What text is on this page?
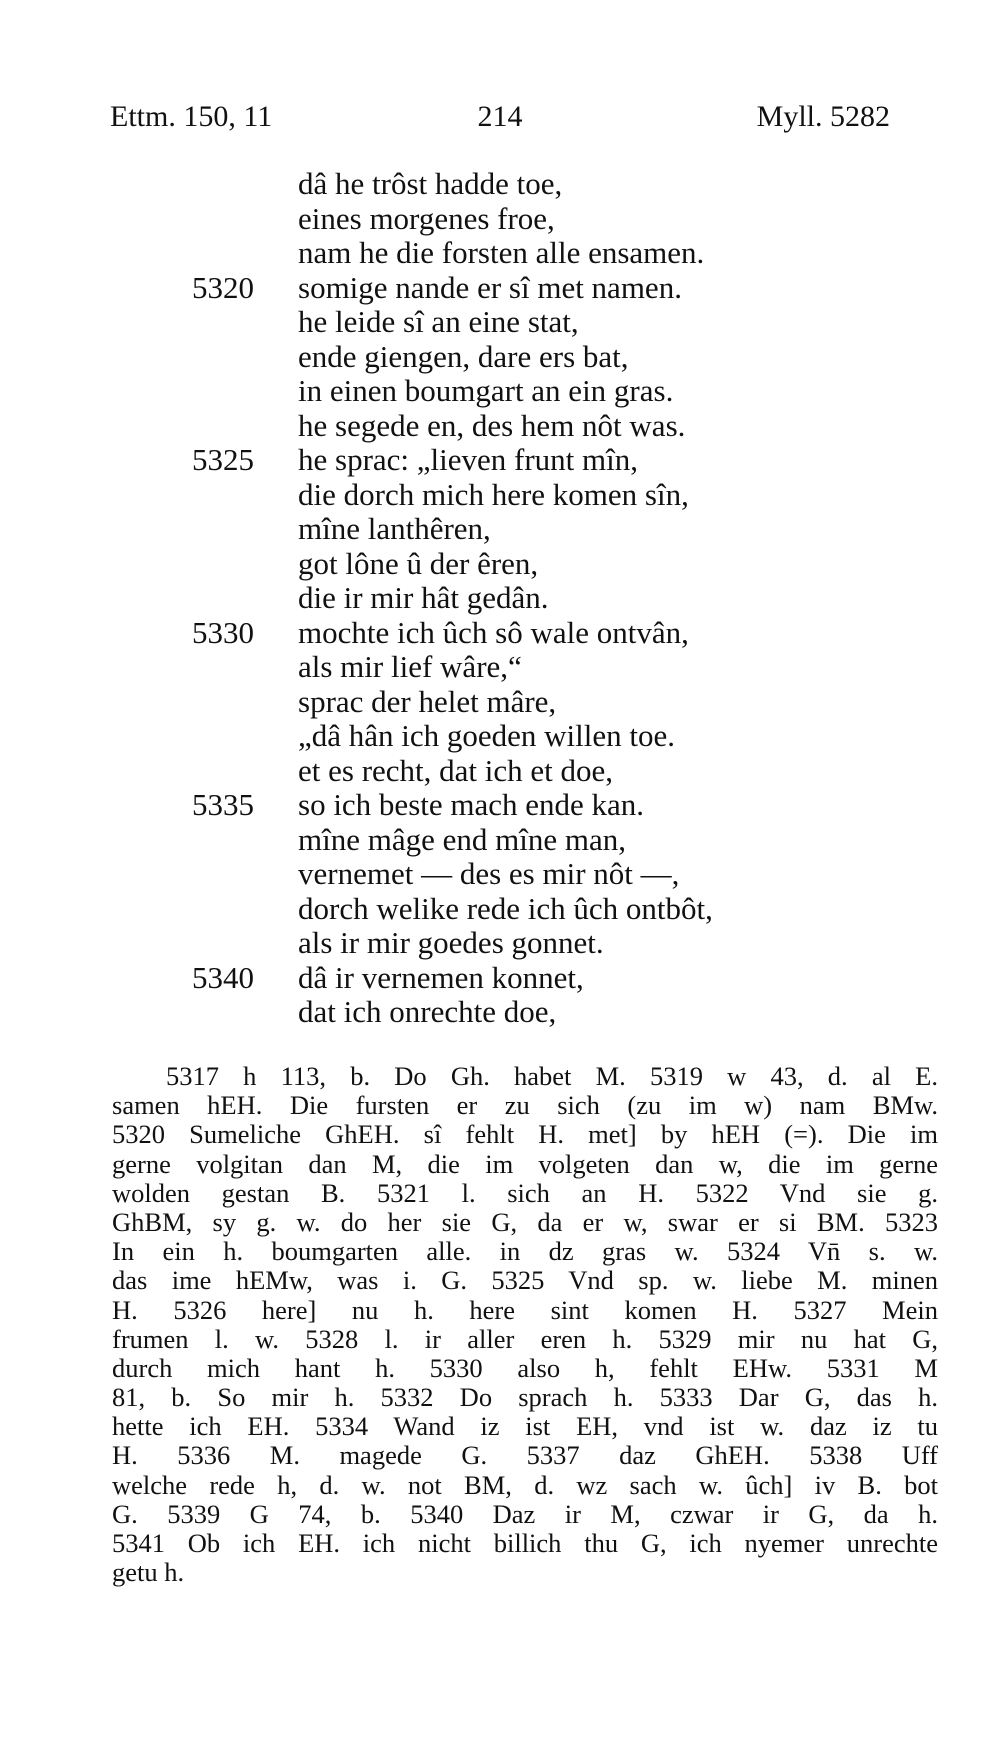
Ettm. 150, 11	214	Myll. 5282
dâ he trôst hadde toe,
eines morgenes froe,
nam he die forsten alle ensamen.
5320	somige nande er sî met namen.
he leide sî an eine stat,
ende giengen, dare ers bat,
in einen boumgart an ein gras.
he segede en, des hem nôt was.
5325	he sprac: „lieven frunt mîn,
die dorch mich here komen sîn,
mîne lanthêren,
got lône û der êren,
die ir mir hât gedân.
5330	mochte ich ûch sô wale ontvân,
als mir lief wâre,“
sprac der helet mâre,
„dâ hân ich goeden willen toe.
et es recht, dat ich et doe,
5335	so ich beste mach ende kan.
mîne mâge end mîne man,
vernemet — des es mir nôt —,
dorch welike rede ich ûch ontbôt,
als ir mir goedes gonnet.
5340	dâ ir vernemen konnet,
dat ich onrechte doe,
5317 h 113, b. Do Gh. habet M. 5319 w 43, d. al E.
samen hEH. Die fursten er zu sich (zu im w) nam BMw.
5320 Sumeliche GhEH. sî fehlt H. met] by hEH (=). Die im
gerne volgitan dan M, die im volgeten dan w, die im gerne
wolden gestan B. 5321 l. sich an H. 5322 Vnd sie g.
GhBM, sy g. w. do her sie G, da er w, swar er si BM. 5323
In ein h. boumgarten alle. in dz gras w. 5324 Vn̄ s. w.
das ime hEMw, was i. G. 5325 Vnd sp. w. liebe M. minen
H. 5326 here] nu h. here sint komen H. 5327 Mein
frumen l. w. 5328 l. ir aller eren h. 5329 mir nu hat G,
durch mich hant h. 5330 also h, fehlt EHw. 5331 M
81, b. So mir h. 5332 Do sprach h. 5333 Dar G, das h.
hette ich EH. 5334 Wand iz ist EH, vnd ist w. daz iz tu
H. 5336 M. magede G. 5337 daz GhEH. 5338 Uff
welche rede h, d. w. not BM, d. wz sach w. ûch] iv B. bot
G. 5339 G 74, b. 5340 Daz ir M, czwar ir G, da h.
5341 Ob ich EH. ich nicht billich thu G, ich nyemer unrechte
getu h.
